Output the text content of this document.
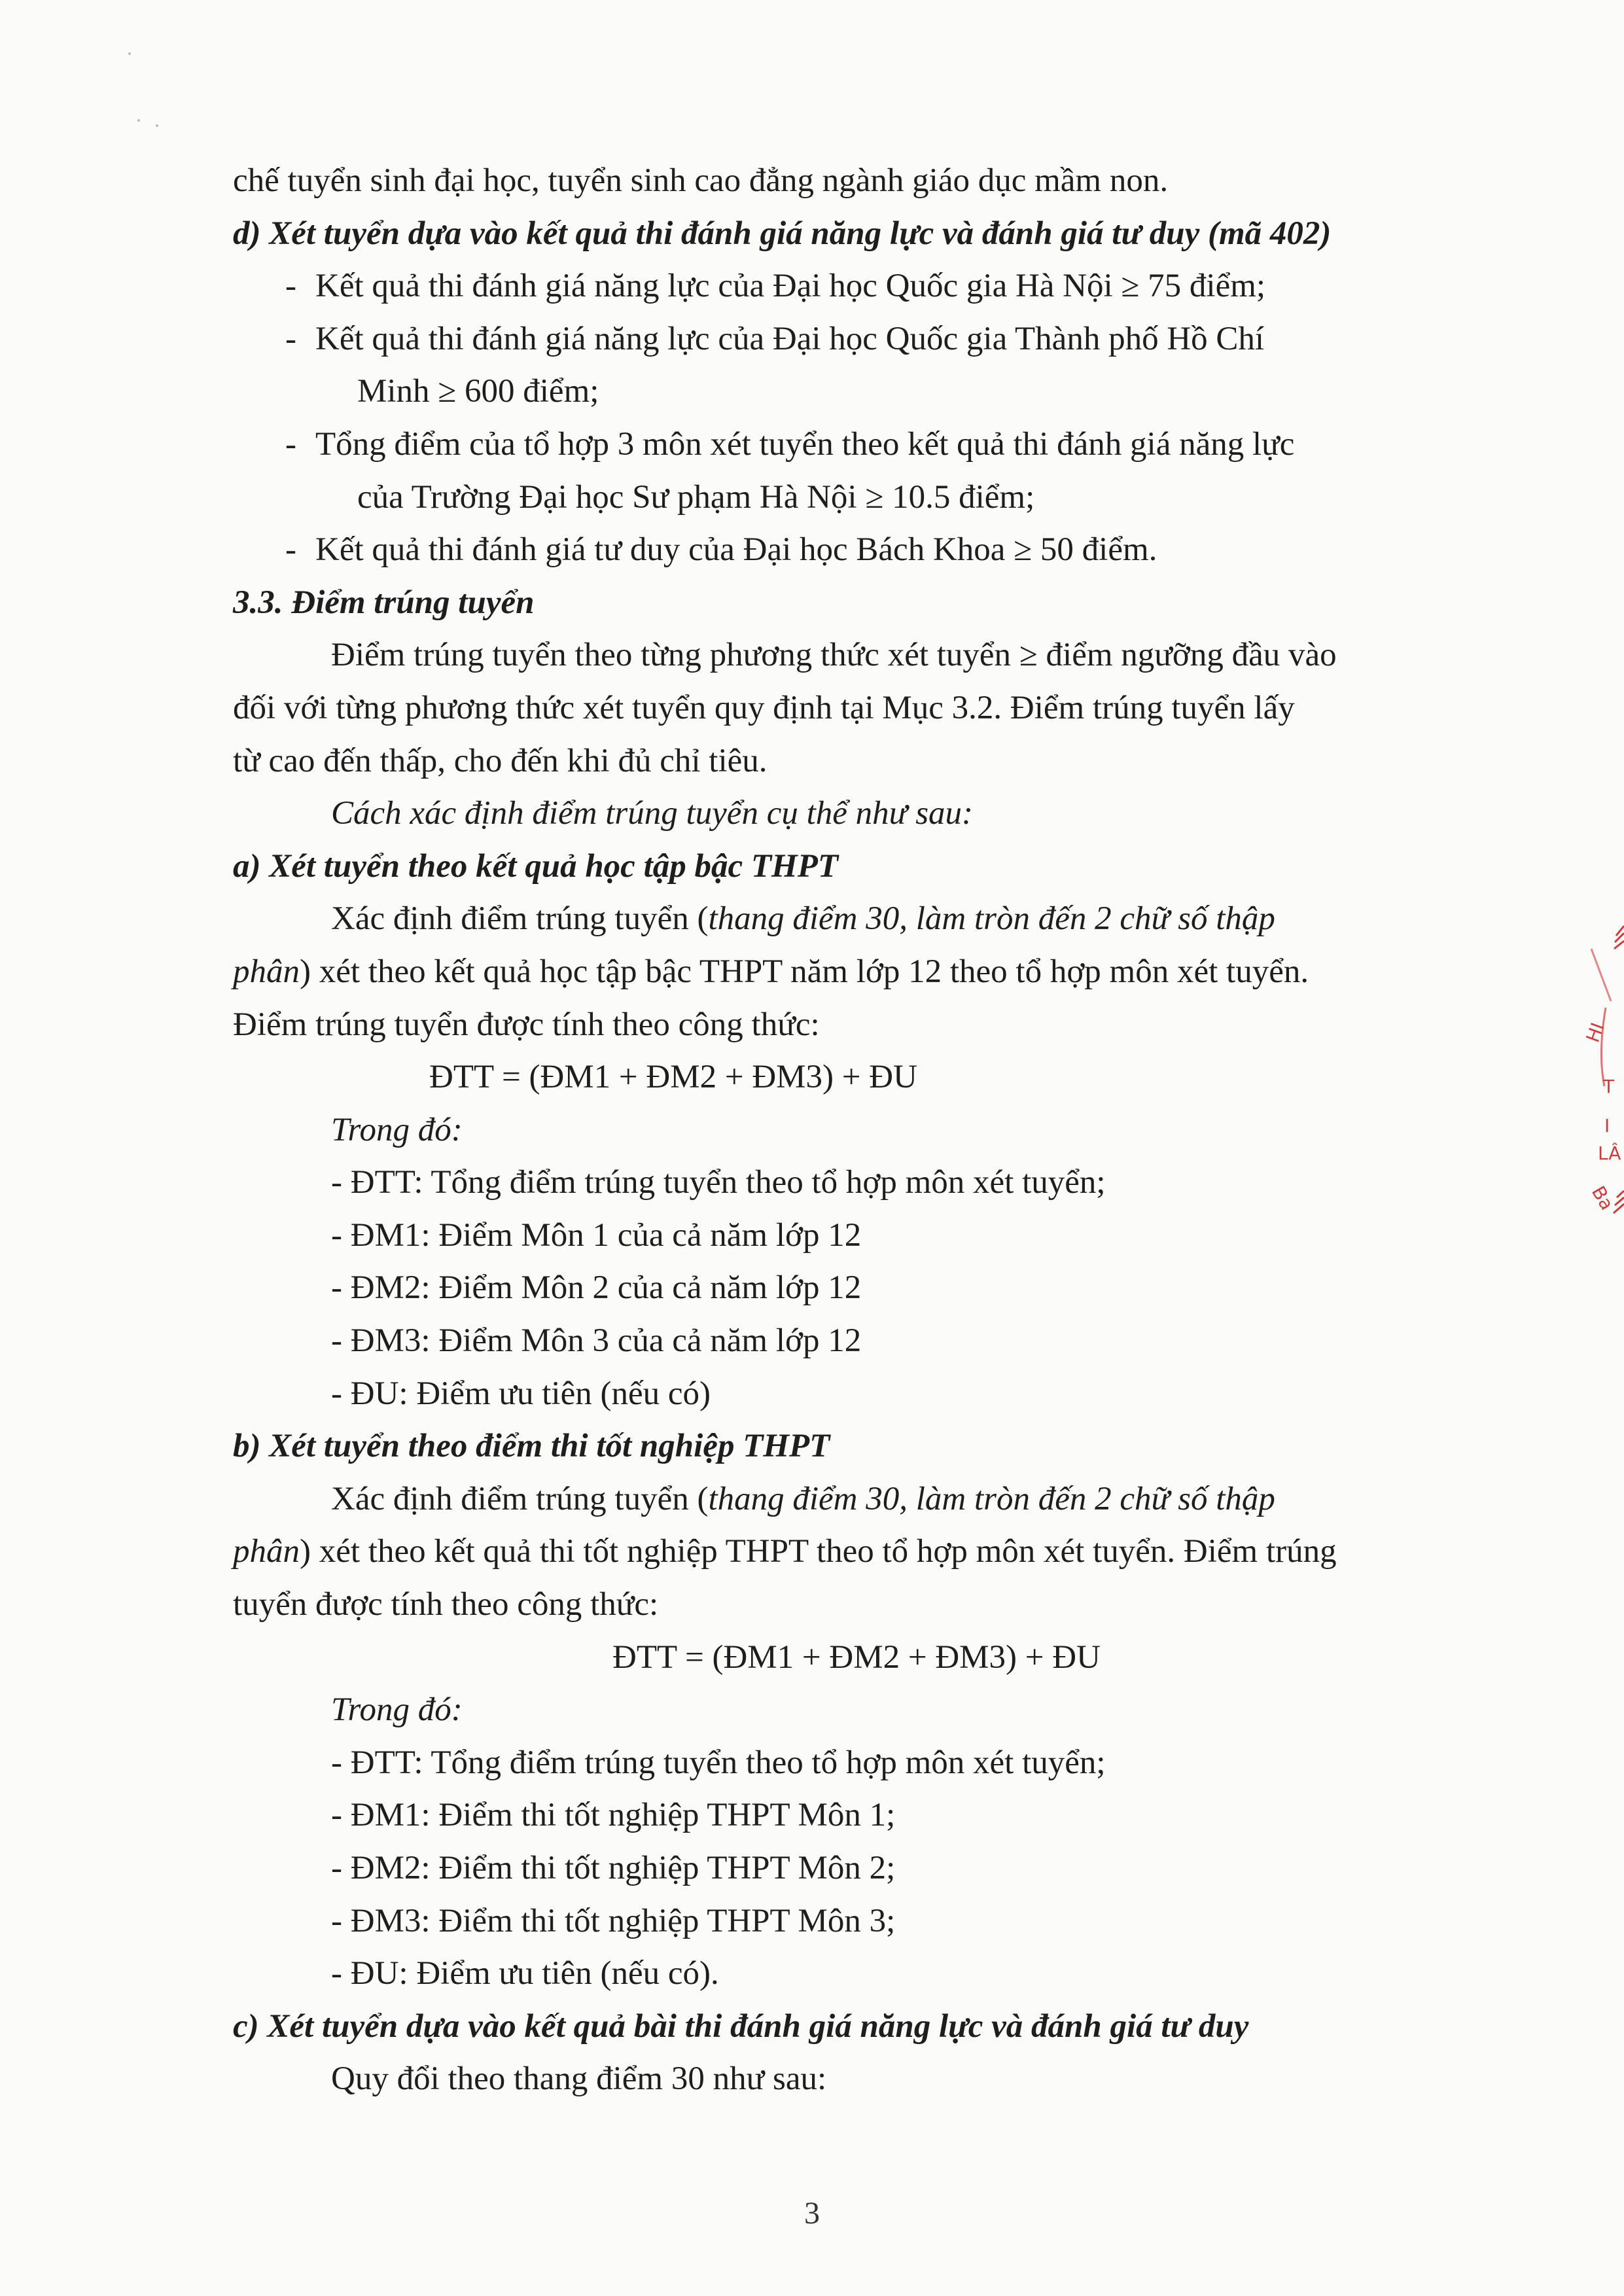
chế tuyển sinh đại học, tuyển sinh cao đẳng ngành giáo dục mầm non.
d) Xét tuyển dựa vào kết quả thi đánh giá năng lực và đánh giá tư duy (mã 402)
- Kết quả thi đánh giá năng lực của Đại học Quốc gia Hà Nội ≥ 75 điểm;
- Kết quả thi đánh giá năng lực của Đại học Quốc gia Thành phố Hồ Chí
Minh ≥ 600 điểm;
- Tổng điểm của tổ hợp 3 môn xét tuyển theo kết quả thi đánh giá năng lực
của Trường Đại học Sư phạm Hà Nội ≥ 10.5 điểm;
- Kết quả thi đánh giá tư duy của Đại học Bách Khoa ≥ 50 điểm.
3.3. Điểm trúng tuyển
Điểm trúng tuyển theo từng phương thức xét tuyển ≥ điểm ngưỡng đầu vào
đối với từng phương thức xét tuyển quy định tại Mục 3.2. Điểm trúng tuyển lấy
từ cao đến thấp, cho đến khi đủ chỉ tiêu.
Cách xác định điểm trúng tuyển cụ thể như sau:
a) Xét tuyển theo kết quả học tập bậc THPT
Xác định điểm trúng tuyển (thang điểm 30, làm tròn đến 2 chữ số thập
phân) xét theo kết quả học tập bậc THPT năm lớp 12 theo tổ hợp môn xét tuyển.
Điểm trúng tuyển được tính theo công thức:
ĐTT = (ĐM1 + ĐM2 + ĐM3) + ĐU
Trong đó:
- ĐTT: Tổng điểm trúng tuyển theo tổ hợp môn xét tuyển;
- ĐM1: Điểm Môn 1 của cả năm lớp 12
- ĐM2: Điểm Môn 2 của cả năm lớp 12
- ĐM3: Điểm Môn 3 của cả năm lớp 12
- ĐU: Điểm ưu tiên (nếu có)
b) Xét tuyển theo điểm thi tốt nghiệp THPT
Xác định điểm trúng tuyển (thang điểm 30, làm tròn đến 2 chữ số thập
phân) xét theo kết quả thi tốt nghiệp THPT theo tổ hợp môn xét tuyển. Điểm trúng
tuyển được tính theo công thức:
ĐTT = (ĐM1 + ĐM2 + ĐM3) + ĐU
Trong đó:
- ĐTT: Tổng điểm trúng tuyển theo tổ hợp môn xét tuyển;
- ĐM1: Điểm thi tốt nghiệp THPT Môn 1;
- ĐM2: Điểm thi tốt nghiệp THPT Môn 2;
- ĐM3: Điểm thi tốt nghiệp THPT Môn 3;
- ĐU: Điểm ưu tiên (nếu có).
c) Xét tuyển dựa vào kết quả bài thi đánh giá năng lực và đánh giá tư duy
Quy đổi theo thang điểm 30 như sau:
3
HI
T
I
LÂ
Ba
